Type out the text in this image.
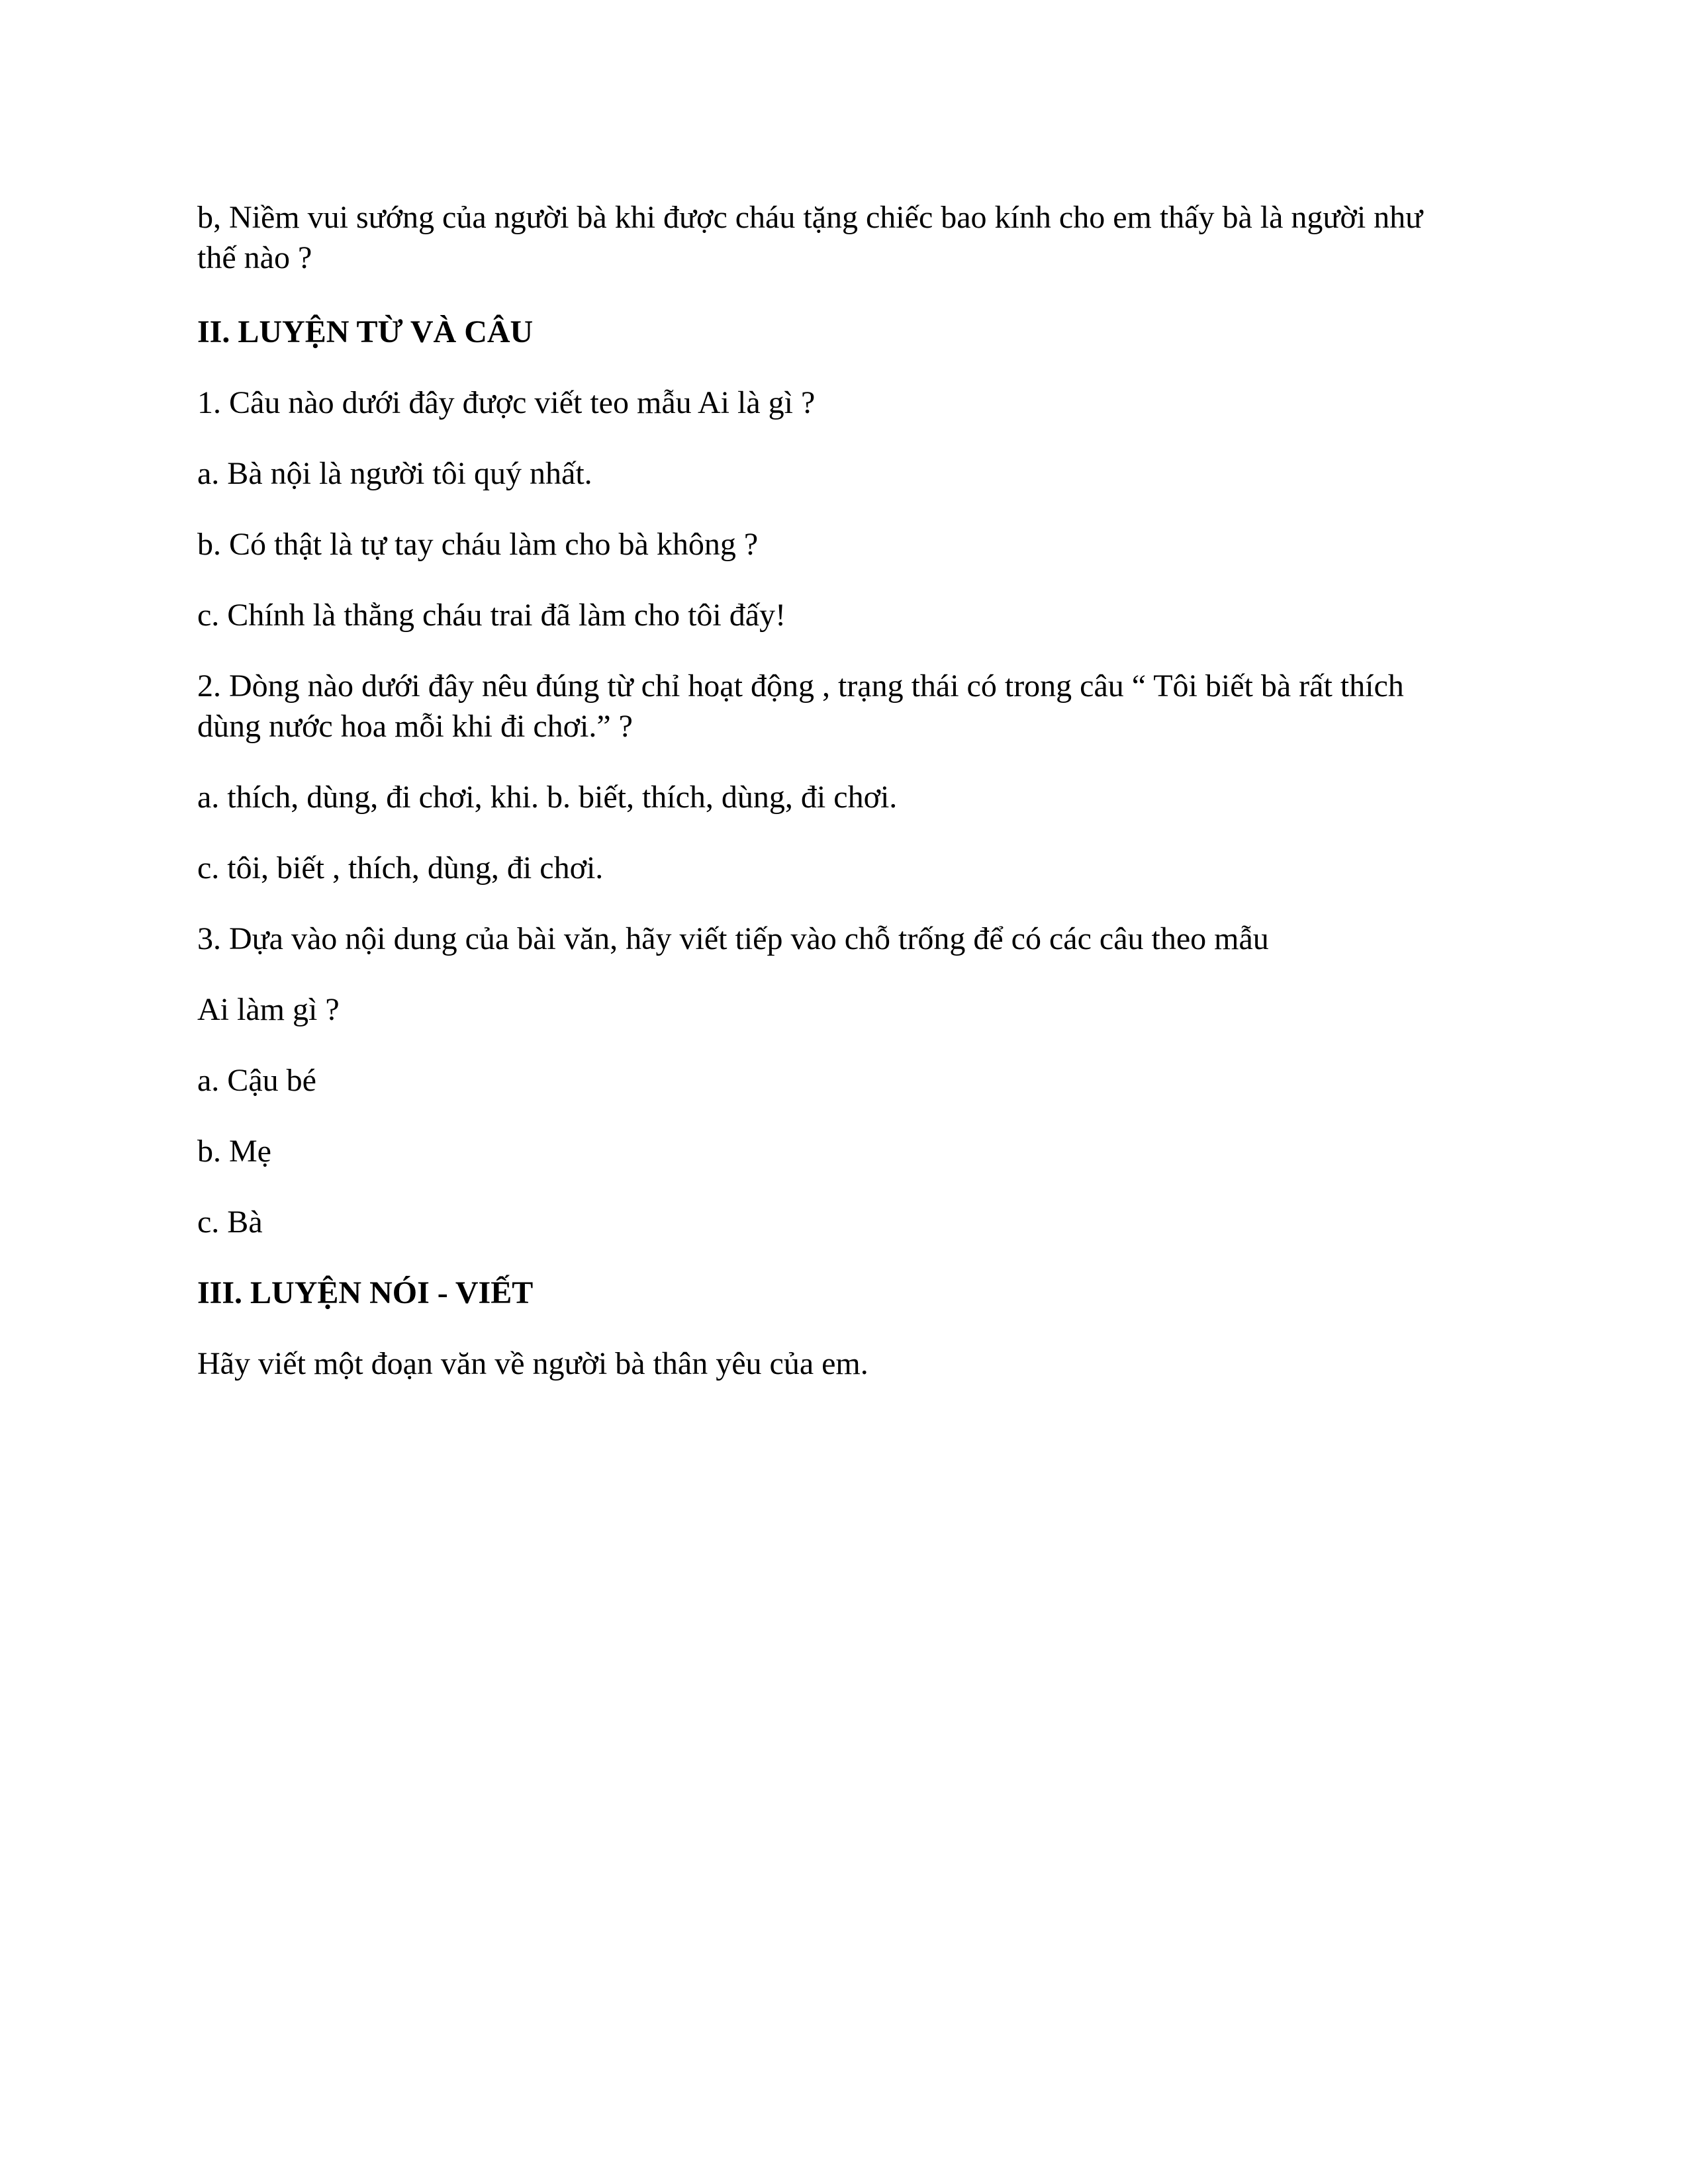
b, Niềm vui sướng của người bà khi được cháu tặng chiếc bao kính cho em thấy bà là người như
thế nào ?
II. LUYỆN TỪ VÀ CÂU
1. Câu nào dưới đây được viết teo mẫu Ai là gì ?
a. Bà nội là người tôi quý nhất.
b. Có thật là tự tay cháu làm cho bà không ?
c. Chính là thằng cháu trai đã làm cho tôi đấy!
2. Dòng nào dưới đây nêu đúng từ chỉ hoạt động , trạng thái có trong câu “ Tôi biết bà rất thích
dùng nước hoa mỗi khi đi chơi.” ?
a. thích, dùng, đi chơi, khi. b. biết, thích, dùng, đi chơi.
c. tôi, biết , thích, dùng, đi chơi.
3. Dựa vào nội dung của bài văn, hãy viết tiếp vào chỗ trống để có các câu theo mẫu
Ai làm gì ?
a. Cậu bé
b. Mẹ
c. Bà
III. LUYỆN NÓI - VIẾT
Hãy viết một đoạn văn về người bà thân yêu của em.
